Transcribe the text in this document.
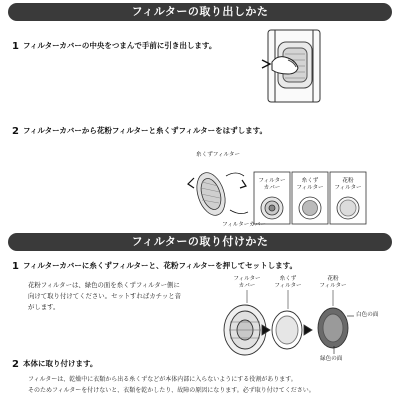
フィルターの取り出しかた
1 フィルターカバーの中央をつまんで手前に引き出します。
2 フィルターカバーから花粉フィルターと糸くずフィルターをはずします。
糸くずフィルター
フィルターカバー
フィルター
カバー
糸くず
フィルター
花粉
フィルター
フィルターの取り付けかた
1 フィルターカバーに糸くずフィルターと、花粉フィルターを押してセットします。
花粉フィルターは、緑色の面を糸くずフィルター側に
向けて取り付けてください。セットすればカチッと音
がします。
フィルター
カバー
糸くず
フィルター
花粉
フィルター
白色の面
緑色の面
2 本体に取り付けます。
フィルターは、乾燥中に衣類から出る糸くずなどが本体内部に入らないようにする役割があります。
そのためフィルターを付けないと、衣類を乾かしたり、故障の原因になります。必ず取り付けてください。
